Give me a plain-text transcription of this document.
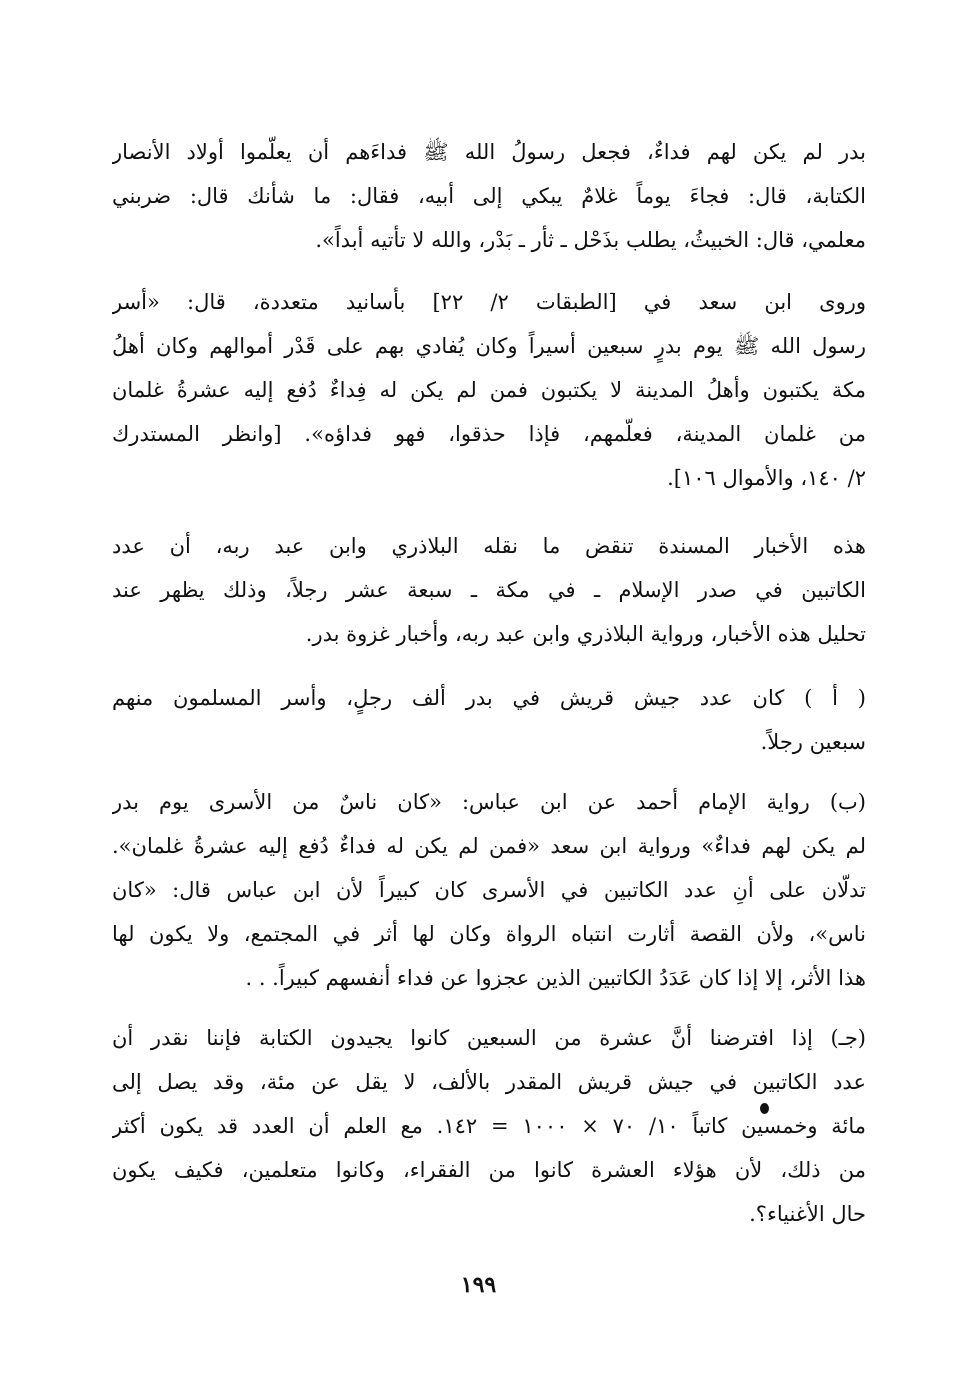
بدر لم يكن لهم فداءٌ، فجعل رسولُ الله ﷺ فداءَهم أن يعلّموا أولاد الأنصار
الكتابة، قال: فجاءَ يوماً غلامٌ يبكي إلى أبيه، فقال: ما شأنك قال: ضربني
معلمي، قال: الخبيثُ، يطلب بذَحْل ـ ثأر ـ بَدْر، والله لا تأتيه أبداً».
وروى ابن سعد في [الطبقات ٢/ ٢٢] بأسانيد متعددة، قال: «أسر
رسول الله ﷺ يوم بدرٍ سبعين أسيراً وكان يُفادي بهم على قَدْر أموالهم وكان أهلُ
مكة يكتبون وأهلُ المدينة لا يكتبون فمن لم يكن له فِداءٌ دُفع إليه عشرةُ غلمان
من غلمان المدينة، فعلّمهم، فإذا حذقوا، فهو فداؤه». [وانظر المستدرك
٢/ ١٤٠، والأموال ١٠٦].
هذه الأخبار المسندة تنقض ما نقله البلاذري وابن عبد ربه، أن عدد
الكاتبين في صدر الإسلام ـ في مكة ـ سبعة عشر رجلاً، وذلك يظهر عند
تحليل هذه الأخبار، ورواية البلاذري وابن عبد ربه، وأخبار غزوة بدر.
( أ ) كان عدد جيش قريش في بدر ألف رجلٍ، وأسر المسلمون منهم
سبعين رجلاً.
(ب) رواية الإمام أحمد عن ابن عباس: «كان ناسٌ من الأسرى يوم بدر
لم يكن لهم فداءٌ» ورواية ابن سعد «فمن لم يكن له فداءٌ دُفع إليه عشرةُ غلمان».
تدلّان على أنِ عدد الكاتبين في الأسرى كان كبيراً لأن ابن عباس قال: «كان
ناس»، ولأن القصة أثارت انتباه الرواة وكان لها أثر في المجتمع، ولا يكون لها
هذا الأثر، إلا إذا كان عَدَدُ الكاتبين الذين عجزوا عن فداء أنفسهم كبيراً. . .
(جـ) إذا افترضنا أنَّ عشرة من السبعين كانوا يجيدون الكتابة فإننا نقدر أن
عدد الكاتبين في جيش قريش المقدر بالألف، لا يقل عن مئة، وقد يصل إلى
مائة وخمسين كاتباً ١٠/ ٧٠ × ١٠٠٠ = ١٤٢. مع العلم أن العدد قد يكون أكثر
من ذلك، لأن هؤلاء العشرة كانوا من الفقراء، وكانوا متعلمين، فكيف يكون
حال الأغنياء؟.
١٩٩
